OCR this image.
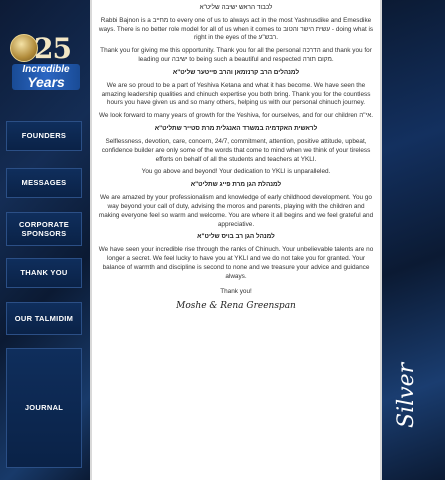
25
Incredible
Years
FOUNDERS
MESSAGES
CORPORATE SPONSORS
THANK YOU
OUR TALMIDIM
JOURNAL

לכבוד הראש ישיבה שליט"א

Rabbi Bajnon is a מחייב to every one of us to always act in the most Yashrusdike and Emesdike ways. There is no better role model for all of us when it comes to עשית הישר והטוב - doing what is right in the eyes of the רבש"ע.

Thank you for giving me this opportunity. Thank you for all the personal הדרכה and thank you for leading our ישיבה to being such a beautiful and respected מקום תורה.

למנהלים הרב קרנזמאן והרב פייטער שליט"א

We are so proud to be a part of Yeshiva Ketana and what it has become. We have seen the amazing leadership qualities and chinuch expertise you both bring. Thank you for the countless hours you have given us and so many others, helping us with our personal chinuch journey.

We look forward to many years of growth for the Yeshiva, for ourselves, and for our children אי"ה.

לראשית האקדמיה במשרד האנגלית מרת סטייר שתליט"א

Selflessness, devotion, care, concern, 24/7, commitment, attention, positive attitude, upbeat, confidence builder are only some of the words that come to mind when we think of your tireless efforts on behalf of all the students and teachers at YKLI.

You go above and beyond! Your dedication to YKLI is unparalleled.

למנהלת הגן מרת פייג שתליט"א

We are amazed by your professionalism and knowledge of early childhood development. You go way beyond your call of duty, advising the moros and parents, playing with the children and making everyone feel so warm and welcome. You are where it all begins and we feel grateful and appreciative.

למנהל הגן רב בויס שליט"א

We have seen your incredible rise through the ranks of Chinuch. Your unbelievable talents are no longer a secret. We feel lucky to have you at YKLI and we do not take you for granted. Your balance of warmth and discipline is second to none and we treasure your advice and guidance always.

Thank you!

Moshe & Rena Greenspan

Silver
